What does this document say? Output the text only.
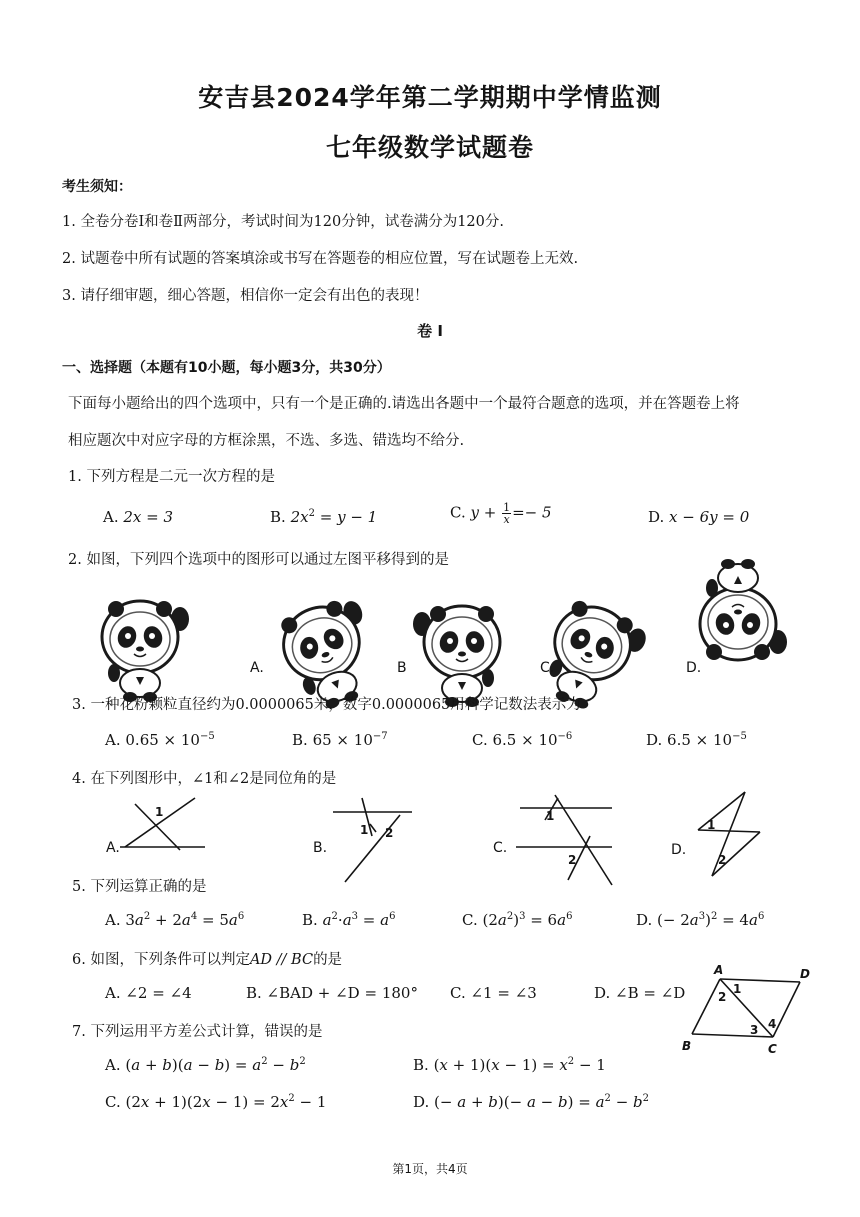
安吉县2024学年第二学期期中学情监测
七年级数学试题卷
考生须知：
1. 全卷分卷Ⅰ和卷Ⅱ两部分，考试时间为120分钟，试卷满分为120分.
2. 试题卷中所有试题的答案填涂或书写在答题卷的相应位置，写在试题卷上无效.
3. 请仔细审题，细心答题，相信你一定会有出色的表现！
卷 Ⅰ
一、选择题（本题有10小题，每小题3分，共30分）
下面每小题给出的四个选项中，只有一个是正确的.请选出各题中一个最符合题意的选项，并在答题卷上将
相应题次中对应字母的方框涂黑，不选、多选、错选均不给分.
1. 下列方程是二元一次方程的是
A. 2x = 3	B. $2x^2 = y - 1$	C. $y + \frac{1}{x} =- 5$	D. x − 6y = 0
2. 如图，下列四个选项中的图形可以通过左图平移得到的是
A.	B	C.	D.
3. 一种花粉颗粒直径约为0.0000065米，数字0.0000065用科学记数法表示为
A. $0.65 \times 10^{-5}$	B. $65 \times 10^{-7}$	C. $6.5 \times 10^{-6}$	D. $6.5 \times 10^{-5}$
4. 在下列图形中，∠1和∠2是同位角的是
1
1 2
1
2
1
2
A.	B.	C.	D.
5. 下列运算正确的是
A. $3a^2 + 2a^4 = 5a^6$	B. $a^2\cdot a^3 = a^6$	C. $(2a^2)^3 = 6a^6$	D. (− $2a^3)^2 = 4a^6$
6. 如图，下列条件可以判定AD // BC的是
A. ∠2 = ∠4	B. ∠BAD + ∠D = 180° C. ∠1 = ∠3	D. ∠B = ∠D
A	D
B	C
1
2
3 4
7. 下列运用平方差公式计算，错误的是
A. $(a + b)(a - b) = a^2 - b^2$	B. $(x + 1)(x - 1) = x^2 - 1$
C. $(2x + 1)(2x - 1) = 2x^2 - 1$	D. (− $a + b)(- a - b) = a^2 - b^2$
第1页，共4页
